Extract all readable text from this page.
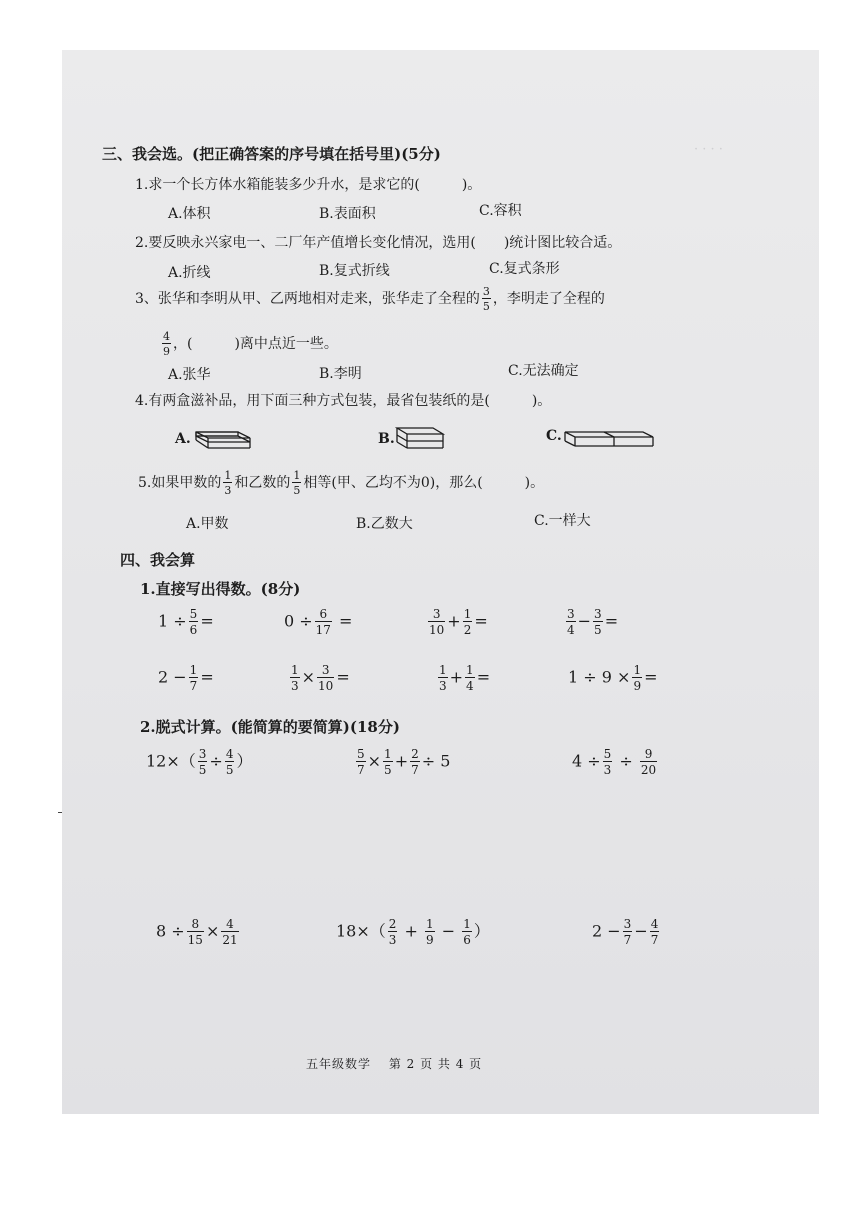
· · · ·
三、我会选。(把正确答案的序号填在括号里)(5分)
1.求一个长方体水箱能装多少升水，是求它的(　　　)。
A.体积	B.表面积	C.容积
2.要反映永兴家电一、二厂年产值增长变化情况，选用(　　)统计图比较合适。
A.折线	B.复式折线	C.复式条形
3、张华和李明从甲、乙两地相对走来，张华走了全程的 $\frac{3}{5}$ ，李明走了全程的
$\frac{4}{9}$ ，(　　　)离中点近一些。
A.张华	B.李明	C.无法确定
4.有两盒滋补品，用下面三种方式包装，最省包装纸的是(　　　)。
A.	B.	C.
5.如果甲数的 $\frac{1}{3}$ 和乙数的 $\frac{1}{5}$ 相等(甲、乙均不为0)，那么(　　　)。
A.甲数	B.乙数大	C.一样大
四、我会算
1.直接写出得数。(8分)
$1 \div \frac{5}{6}$ =	$0 \div \frac{6}{17}$ =	$\frac{3}{10} + \frac{1}{2}$ =	$\frac{3}{4} - \frac{3}{5}$ =
$2 - \frac{1}{7}$ =	$\frac{1}{3} \times \frac{3}{10}$ =	$\frac{1}{3} + \frac{1}{4}$ =	$1 \div 9 \times \frac{1}{9}$ =
2.脱式计算。(能简算的要简算)(18分)
$12\times( \frac{3}{5} \div \frac{4}{5}$ ）	$\frac{5}{7} \times \frac{1}{5} + \frac{2}{7} \div 5$	$4 \div \frac{5}{3} \div \frac{9}{20}$
$8 \div \frac{8}{15} \times \frac{4}{21}$	$18\times( \frac{2}{3} + \frac{1}{9} - \frac{1}{6}$ ）	$2 - \frac{3}{7} - \frac{4}{7}$
五年级数学　 第 2 页 共 4 页
